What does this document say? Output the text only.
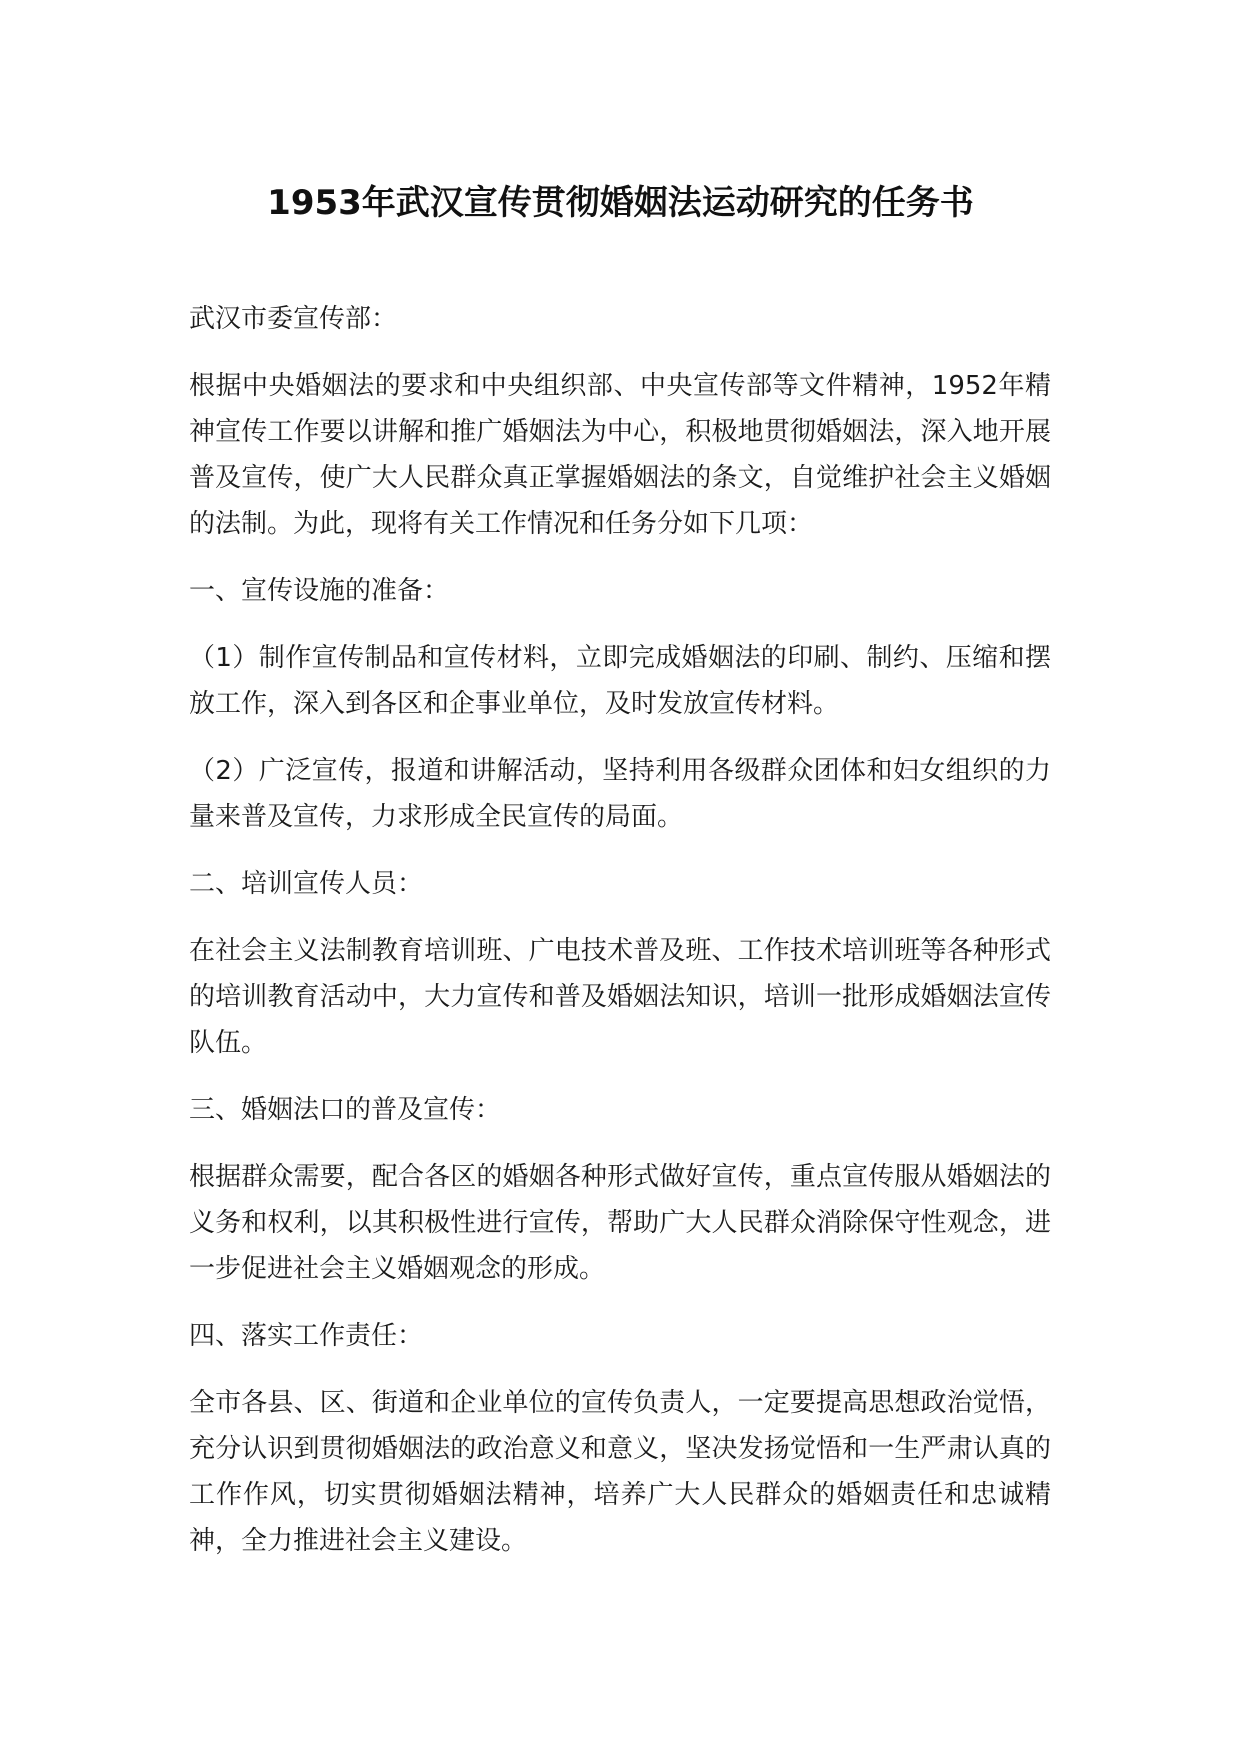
1953年武汉宣传贯彻婚姻法运动研究的任务书

武汉市委宣传部：

根据中央婚姻法的要求和中央组织部、中央宣传部等文件精神，1952年精神宣传工作要以讲解和推广婚姻法为中心，积极地贯彻婚姻法，深入地开展普及宣传，使广大人民群众真正掌握婚姻法的条文，自觉维护社会主义婚姻的法制。为此，现将有关工作情况和任务分如下几项：

一、宣传设施的准备：

（1）制作宣传制品和宣传材料，立即完成婚姻法的印刷、制约、压缩和摆放工作，深入到各区和企事业单位，及时发放宣传材料。

（2）广泛宣传，报道和讲解活动，坚持利用各级群众团体和妇女组织的力量来普及宣传，力求形成全民宣传的局面。

二、培训宣传人员：

在社会主义法制教育培训班、广电技术普及班、工作技术培训班等各种形式的培训教育活动中，大力宣传和普及婚姻法知识，培训一批形成婚姻法宣传队伍。

三、婚姻法口的普及宣传：

根据群众需要，配合各区的婚姻各种形式做好宣传，重点宣传服从婚姻法的义务和权利，以其积极性进行宣传，帮助广大人民群众消除保守性观念，进一步促进社会主义婚姻观念的形成。

四、落实工作责任：

全市各县、区、街道和企业单位的宣传负责人，一定要提高思想政治觉悟，充分认识到贯彻婚姻法的政治意义和意义，坚决发扬觉悟和一生严肃认真的工作作风，切实贯彻婚姻法精神，培养广大人民群众的婚姻责任和忠诚精神，全力推进社会主义建设。
